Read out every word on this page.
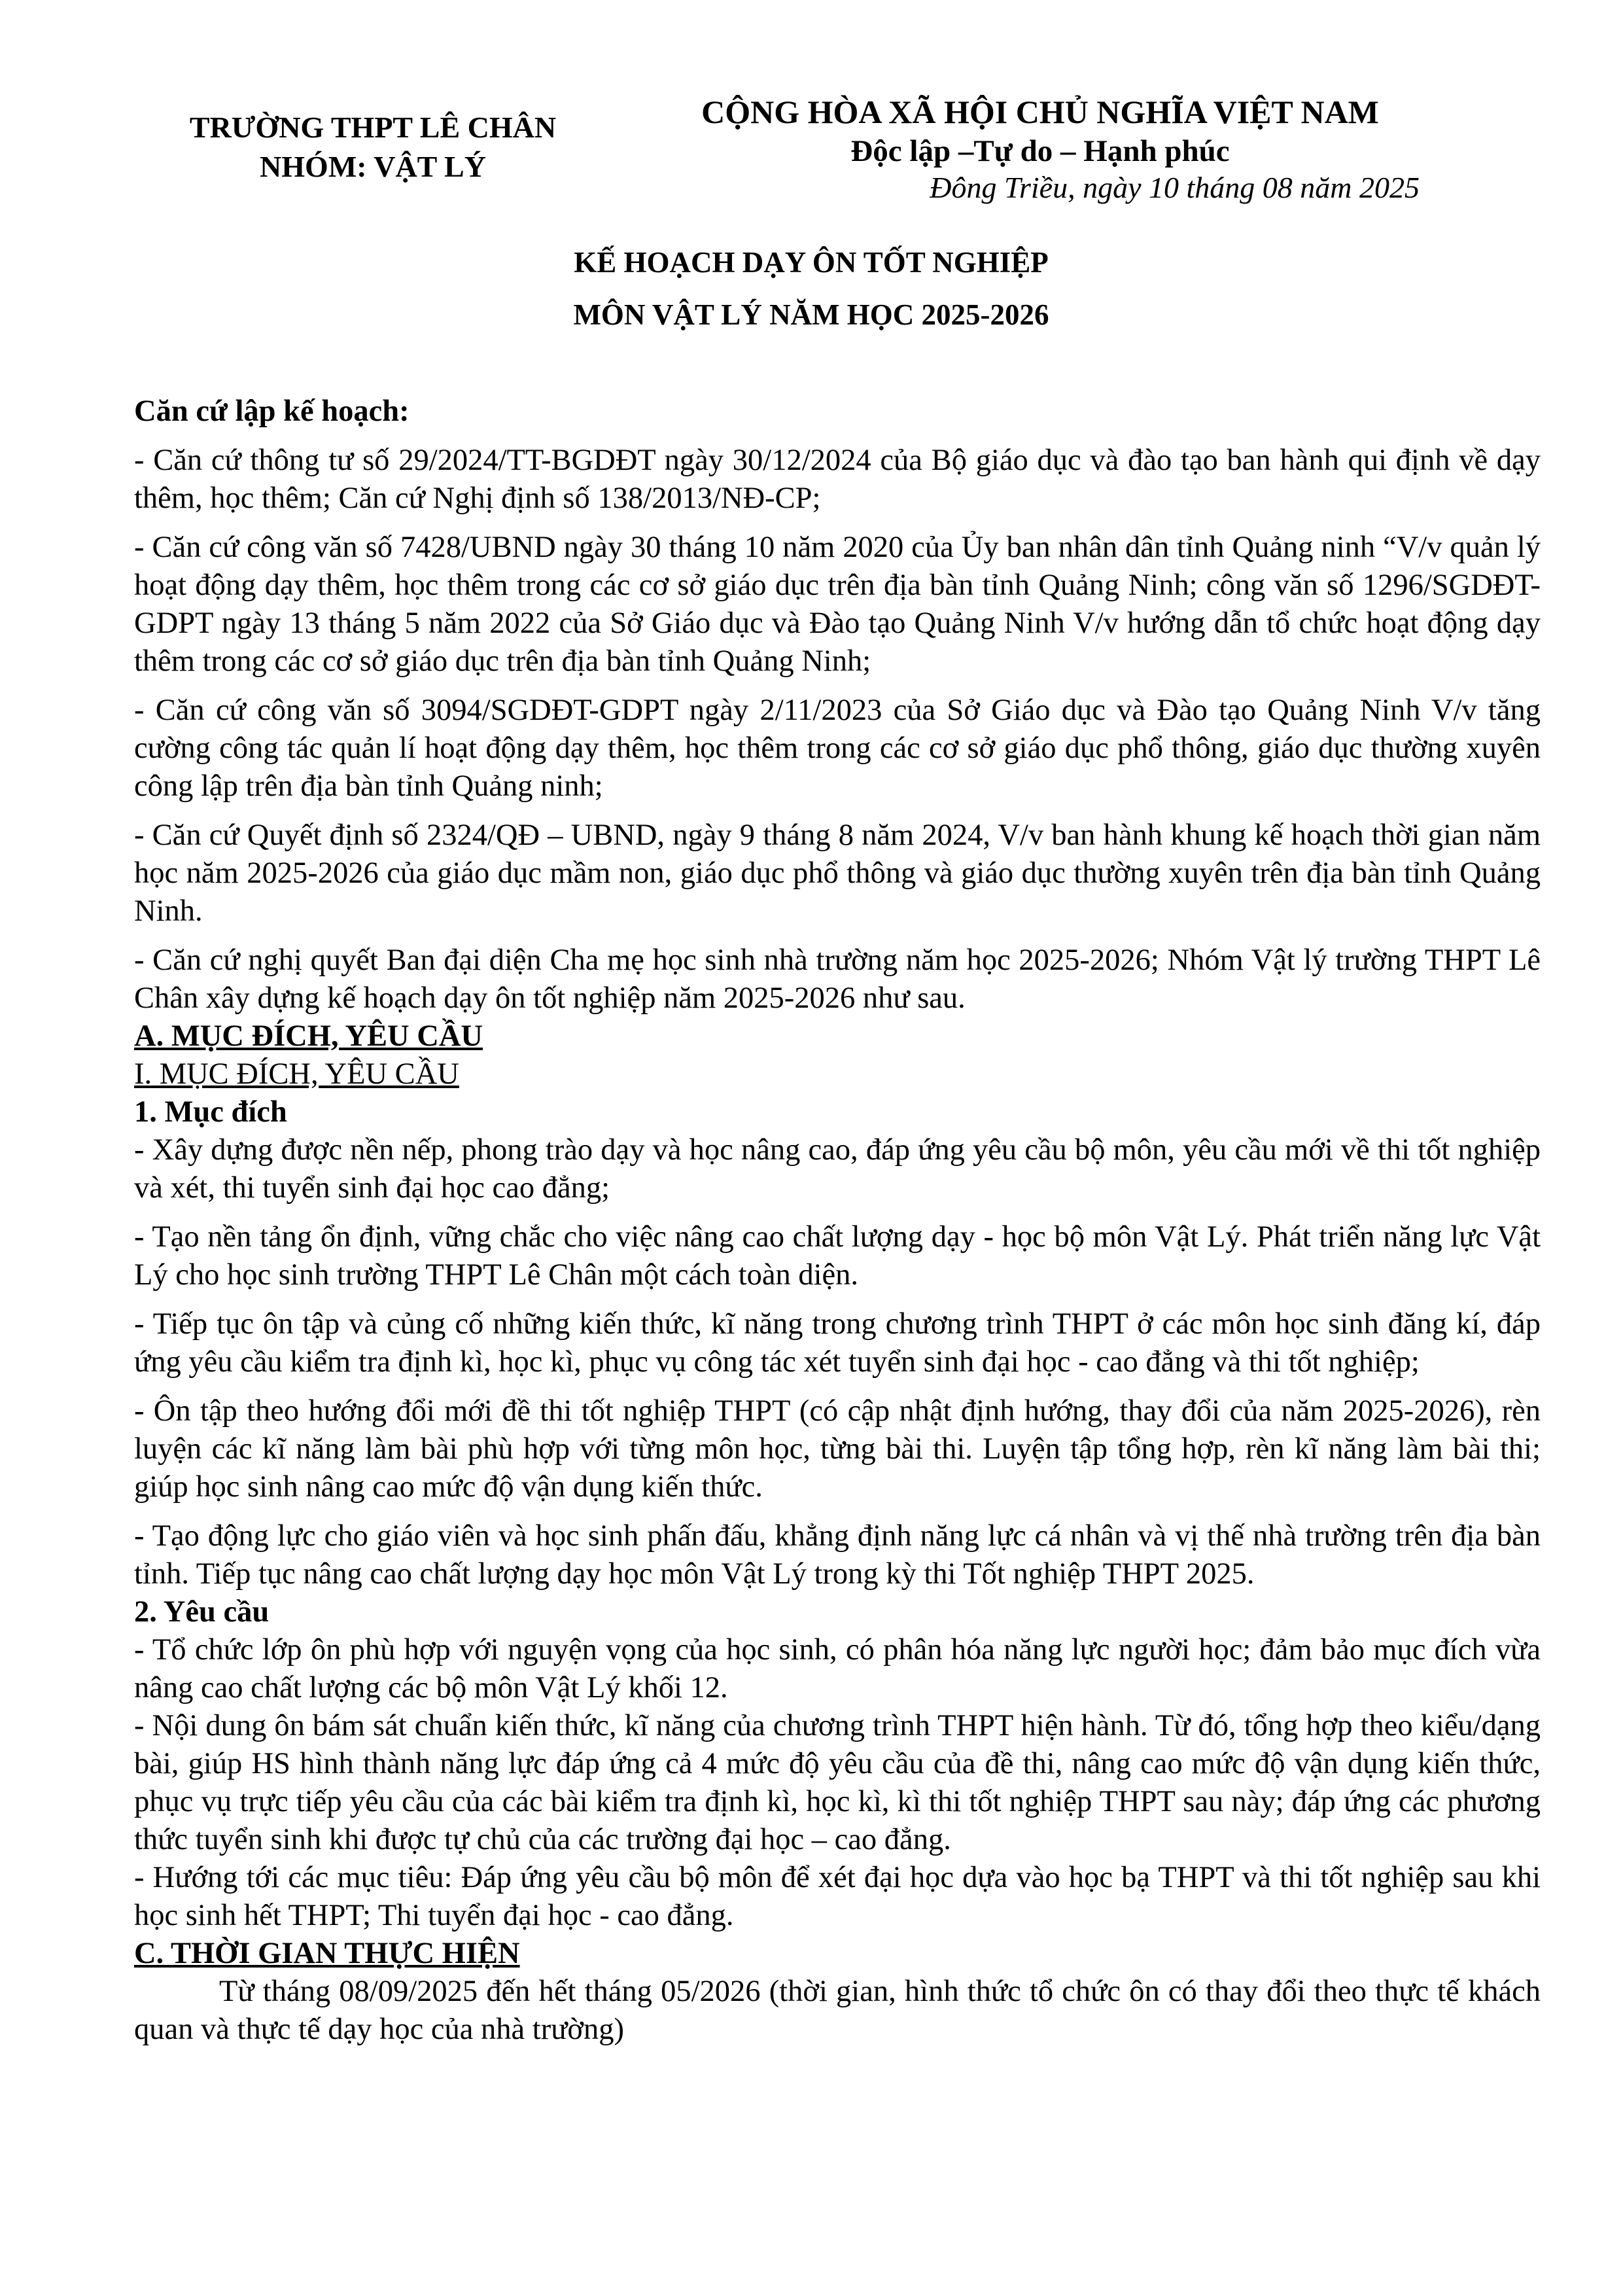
TRƯỜNG THPT LÊ CHÂN
NHÓM: VẬT LÝ
CỘNG HÒA XÃ HỘI CHỦ NGHĨA VIỆT NAM
Độc lập –Tự do – Hạnh phúc
Đông Triều, ngày 10 tháng 08 năm 2025
KẾ HOẠCH DẠY ÔN TỐT NGHIỆP
MÔN VẬT LÝ NĂM HỌC 2025-2026

Căn cứ lập kế hoạch:

- Căn cứ thông tư số 29/2024/TT-BGDĐT ngày 30/12/2024 của Bộ giáo dục và đào tạo ban hành qui định về dạy thêm, học thêm; Căn cứ Nghị định số 138/2013/NĐ-CP;

- Căn cứ công văn số 7428/UBND ngày 30 tháng 10 năm 2020 của Ủy ban nhân dân tỉnh Quảng ninh “V/v quản lý hoạt động dạy thêm, học thêm trong các cơ sở giáo dục trên địa bàn tỉnh Quảng Ninh; công văn số 1296/SGDĐT- GDPT ngày 13 tháng 5 năm 2022 của Sở Giáo dục và Đào tạo Quảng Ninh V/v hướng dẫn tổ chức hoạt động dạy thêm trong các cơ sở giáo dục trên địa bàn tỉnh Quảng Ninh;

- Căn cứ công văn số 3094/SGDĐT-GDPT ngày 2/11/2023 của Sở Giáo dục và Đào tạo Quảng Ninh V/v tăng cường công tác quản lí hoạt động dạy thêm, học thêm trong các cơ sở giáo dục phổ thông, giáo dục thường xuyên công lập trên địa bàn tỉnh Quảng ninh;

- Căn cứ Quyết định số 2324/QĐ – UBND, ngày 9 tháng 8 năm 2024, V/v ban hành khung kế hoạch thời gian năm học năm 2025-2026 của giáo dục mầm non, giáo dục phổ thông và giáo dục thường xuyên trên địa bàn tỉnh Quảng Ninh.

- Căn cứ nghị quyết Ban đại diện Cha mẹ học sinh nhà trường năm học 2025-2026; Nhóm Vật lý trường THPT Lê Chân xây dựng kế hoạch dạy ôn tốt nghiệp năm 2025-2026 như sau.

A. MỤC ĐÍCH, YÊU CẦU

I. MỤC ĐÍCH, YÊU CẦU

1. Mục đích

- Xây dựng được nền nếp, phong trào dạy và học nâng cao, đáp ứng yêu cầu bộ môn, yêu cầu mới về thi tốt nghiệp và xét, thi tuyển sinh đại học cao đẳng;

- Tạo nền tảng ổn định, vững chắc cho việc nâng cao chất lượng dạy - học bộ môn Vật Lý. Phát triển năng lực Vật Lý cho học sinh trường THPT Lê Chân một cách toàn diện.

- Tiếp tục ôn tập và củng cố những kiến thức, kĩ năng trong chương trình THPT ở các môn học sinh đăng kí, đáp ứng yêu cầu kiểm tra định kì, học kì, phục vụ công tác xét tuyển sinh đại học - cao đẳng và thi tốt nghiệp;

- Ôn tập theo hướng đổi mới đề thi tốt nghiệp THPT (có cập nhật định hướng, thay đổi của năm 2025-2026), rèn luyện các kĩ năng làm bài phù hợp với từng môn học, từng bài thi. Luyện tập tổng hợp, rèn kĩ năng làm bài thi; giúp học sinh nâng cao mức độ vận dụng kiến thức.

- Tạo động lực cho giáo viên và học sinh phấn đấu, khẳng định năng lực cá nhân và vị thế nhà trường trên địa bàn tỉnh. Tiếp tục nâng cao chất lượng dạy học môn Vật Lý trong kỳ thi Tốt nghiệp THPT 2025.

2. Yêu cầu

- Tổ chức lớp ôn phù hợp với nguyện vọng của học sinh, có phân hóa năng lực người học; đảm bảo mục đích vừa nâng cao chất lượng các bộ môn Vật Lý khối 12.

- Nội dung ôn bám sát chuẩn kiến thức, kĩ năng của chương trình THPT hiện hành. Từ đó, tổng hợp theo kiểu/dạng bài, giúp HS hình thành năng lực đáp ứng cả 4 mức độ yêu cầu của đề thi, nâng cao mức độ vận dụng kiến thức, phục vụ trực tiếp yêu cầu của các bài kiểm tra định kì, học kì, kì thi tốt nghiệp THPT sau này; đáp ứng các phương thức tuyển sinh khi được tự chủ của các trường đại học – cao đẳng.

- Hướng tới các mục tiêu: Đáp ứng yêu cầu bộ môn để xét đại học dựa vào học bạ THPT và thi tốt nghiệp sau khi học sinh hết THPT; Thi tuyển đại học - cao đẳng.

C. THỜI GIAN THỰC HIỆN

Từ tháng 08/09/2025 đến hết tháng 05/2026 (thời gian, hình thức tổ chức ôn có thay đổi theo thực tế khách quan và thực tế dạy học của nhà trường)
